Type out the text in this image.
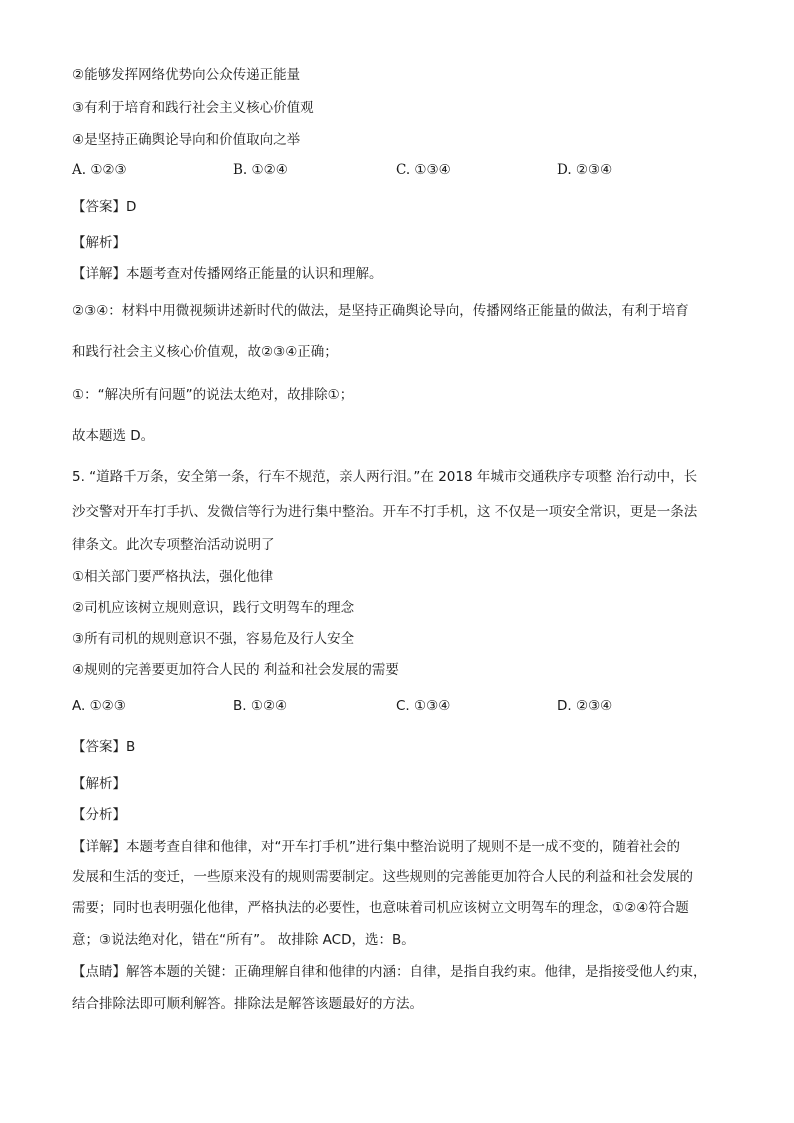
②能够发挥网络优势向公众传递正能量
③有利于培育和践行社会主义核心价值观
④是坚持正确舆论导向和价值取向之举
A. ①②③	B. ①②④	C. ①③④	D. ②③④
【答案】D
【解析】
【详解】本题考查对传播网络正能量的认识和理解。
②③④：材料中用微视频讲述新时代的做法，是坚持正确舆论导向，传播网络正能量的做法，有利于培育
和践行社会主义核心价值观，故②③④正确；
①：“解决所有问题”的说法太绝对，故排除①；
故本题选 D。
5. “道路千万条，安全第一条，行车不规范，亲人两行泪。”在 2018 年城市交通秩序专项整 治行动中，长
沙交警对开车打手扒、发微信等行为进行集中整治。开车不打手机，这 不仅是一项安全常识，更是一条法
律条文。此次专项整治活动说明了
①相关部门要严格执法，强化他律
②司机应该树立规则意识，践行文明驾车的理念
③所有司机的规则意识不强，容易危及行人安全
④规则的完善要更加符合人民的 利益和社会发展的需要
A. ①②③	B. ①②④	C. ①③④	D. ②③④
【答案】B
【解析】
【分析】
【详解】本题考查自律和他律，对“开车打手机”进行集中整治说明了规则不是一成不变的，随着社会的
发展和生活的变迁，一些原来没有的规则需要制定。这些规则的完善能更加符合人民的利益和社会发展的
需要；同时也表明强化他律，严格执法的必要性，也意味着司机应该树立文明驾车的理念，①②④符合题
意；③说法绝对化，错在“所有”。 故排除 ACD，选：B。
【点睛】解答本题的关键：正确理解自律和他律的内涵：自律，是指自我约束。他律，是指接受他人约束，
结合排除法即可顺利解答。排除法是解答该题最好的方法。
